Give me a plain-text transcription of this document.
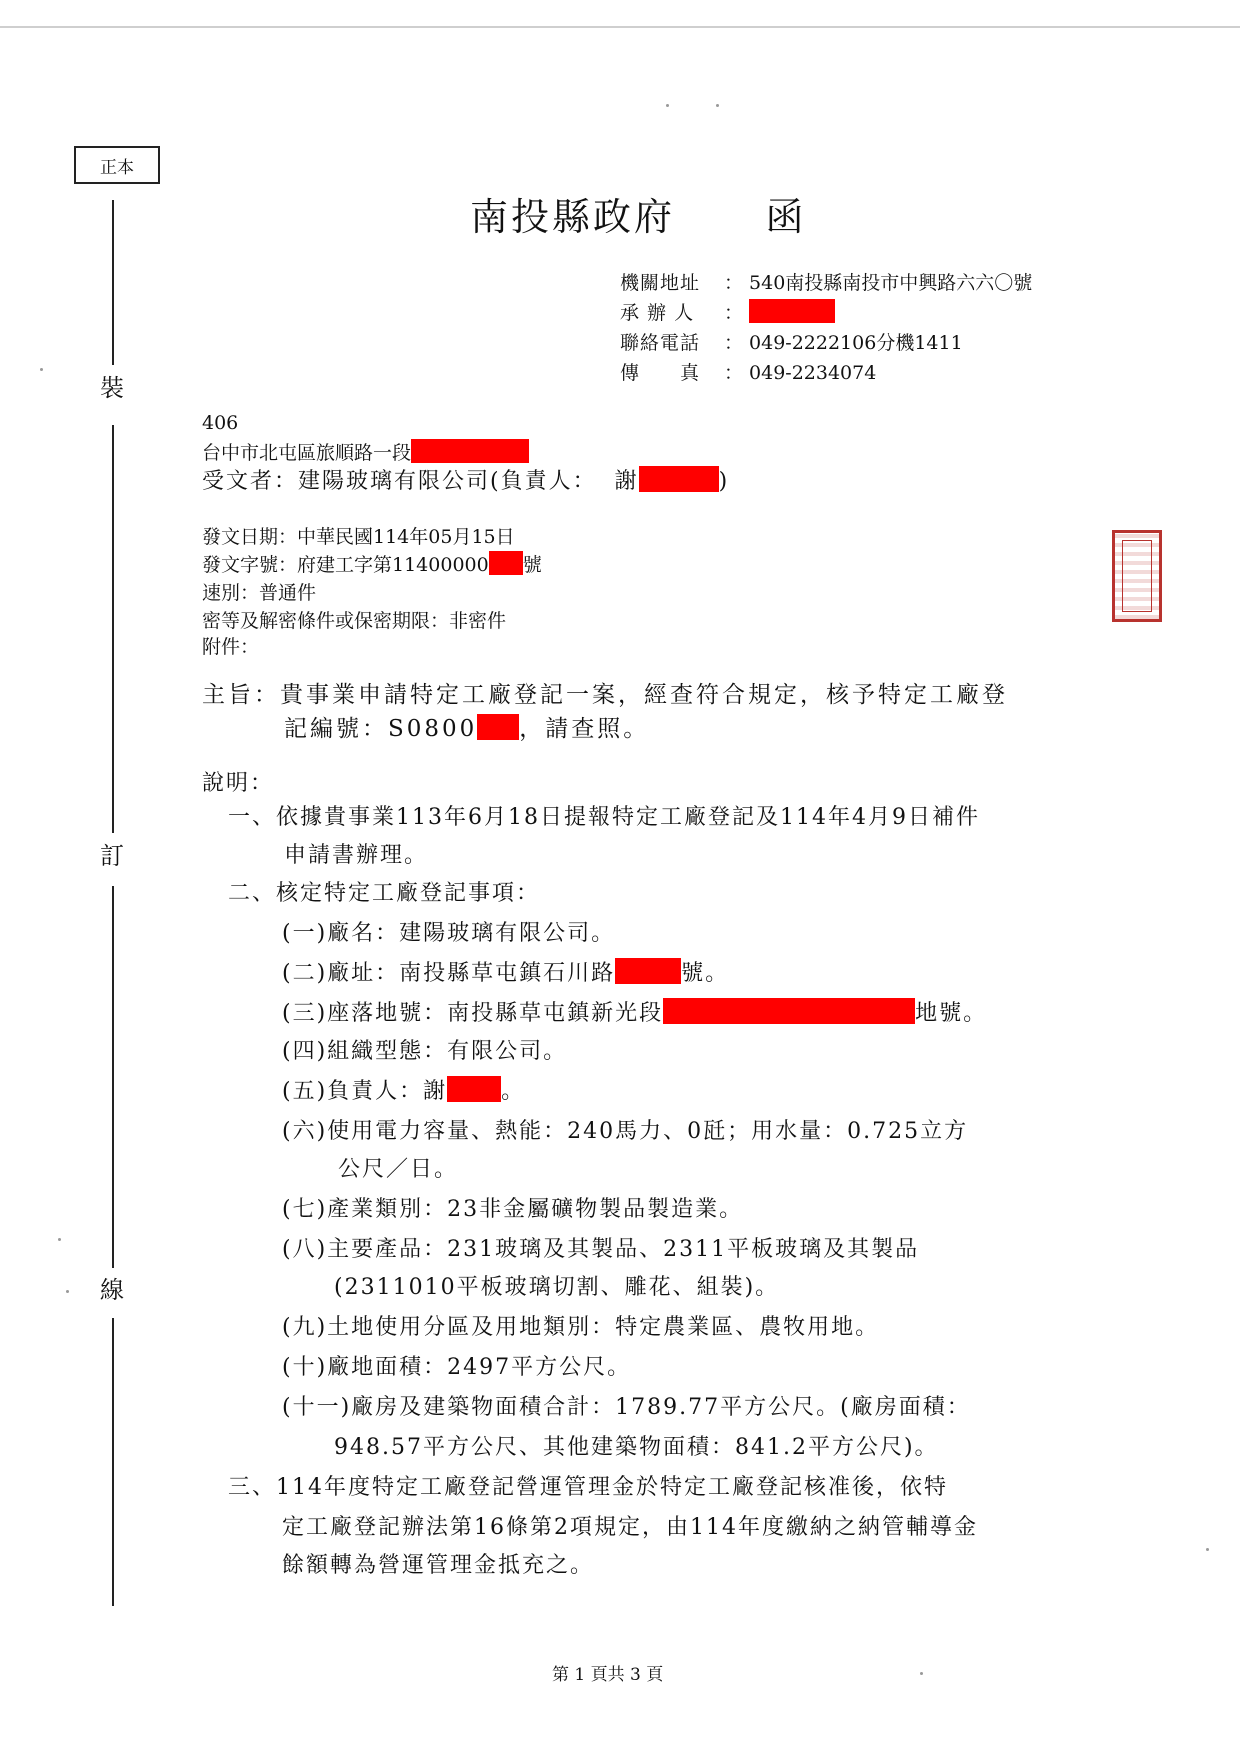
正本
裝
訂
線
南投縣政府      函
機關地址 ： 540南投縣南投市中興路六六〇號
承 辦 人 ：
聯絡電話 ： 049-2222106分機1411
傳　　真 ： 049-2234074
406
台中市北屯區旅順路一段
受文者：建陽玻璃有限公司(負責人： 謝	)
發文日期：中華民國114年05月15日
發文字號：府建工字第11400000 號
速別：普通件
密等及解密條件或保密期限：非密件
附件：
主旨：貴事業申請特定工廠登記一案，經查符合規定，核予特定工廠登
記編號：S0800 ，請查照。
說明：
一、依據貴事業113年6月18日提報特定工廠登記及114年4月9日補件
申請書辦理。
二、核定特定工廠登記事項：
(一)廠名：建陽玻璃有限公司。
(二)廠址：南投縣草屯鎮石川路	號。
(三)座落地號：南投縣草屯鎮新光段	地號。
(四)組織型態：有限公司。
(五)負責人：謝 。
(六)使用電力容量、熱能：240馬力、0瓩；用水量：0.725立方
公尺／日。
(七)產業類別：23非金屬礦物製品製造業。
(八)主要產品：231玻璃及其製品、2311平板玻璃及其製品
(2311010平板玻璃切割、雕花、組裝)。
(九)土地使用分區及用地類別：特定農業區、農牧用地。
(十)廠地面積：2497平方公尺。
(十一)廠房及建築物面積合計：1789.77平方公尺。(廠房面積：
948.57平方公尺、其他建築物面積：841.2平方公尺)。
三、114年度特定工廠登記營運管理金於特定工廠登記核准後，依特
定工廠登記辦法第16條第2項規定，由114年度繳納之納管輔導金
餘額轉為營運管理金抵充之。
第 1 頁共 3 頁
